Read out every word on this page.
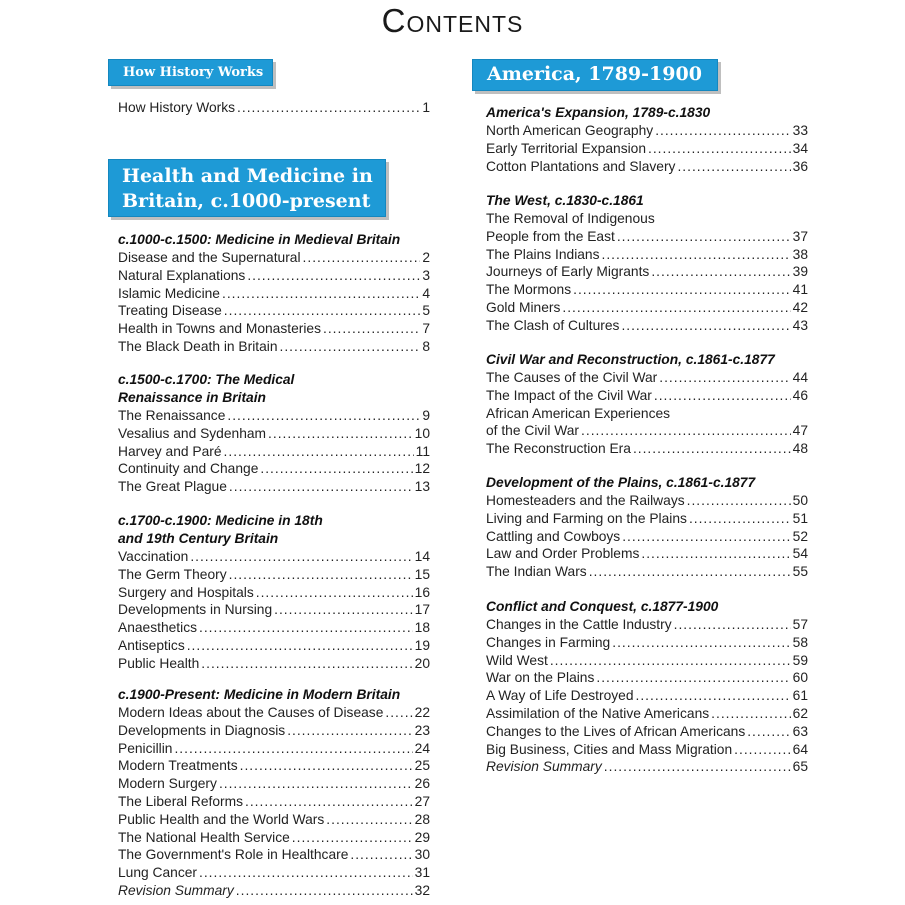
Contents
How History Works
How History Works .....	1
Health and Medicine in
Britain, c.1000-present
America, 1789-1900
c.1000-c.1500: Medicine in Medieval Britain
Disease and the Supernatural .....	2
Natural Explanations .....	3
Islamic Medicine .....	4
Treating Disease .....	5
Health in Towns and Monasteries .....	7
The Black Death in Britain .....	8
c.1500-c.1700: The Medical
Renaissance in Britain
The Renaissance .....	9
Vesalius and Sydenham .....	10
Harvey and Paré .....	11
Continuity and Change .....	12
The Great Plague .....	13
c.1700-c.1900: Medicine in 18th
and 19th Century Britain
Vaccination .....	14
The Germ Theory .....	15
Surgery and Hospitals .....	16
Developments in Nursing .....	17
Anaesthetics .....	18
Antiseptics .....	19
Public Health .....	20
c.1900-Present: Medicine in Modern Britain
Modern Ideas about the Causes of Disease ..... 22
Developments in Diagnosis .....	23
Penicillin .....	24
Modern Treatments .....	25
Modern Surgery .....	26
The Liberal Reforms .....	27
Public Health and the World Wars .....	28
The National Health Service .....	29
The Government's Role in Healthcare .....	30
Lung Cancer .....	31
Revision Summary .....	32
America's Expansion, 1789-c.1830
North American Geography .....	33
Early Territorial Expansion .....	34
Cotton Plantations and Slavery .....	36
The West, c.1830-c.1861
The Removal of Indigenous
People from the East .....	37
The Plains Indians .....	38
Journeys of Early Migrants .....	39
The Mormons .....	41
Gold Miners .....	42
The Clash of Cultures .....	43
Civil War and Reconstruction, c.1861-c.1877
The Causes of the Civil War .....	44
The Impact of the Civil War .....	46
African American Experiences
of the Civil War .....	47
The Reconstruction Era .....	48
Development of the Plains, c.1861-c.1877
Homesteaders and the Railways .....	50
Living and Farming on the Plains .....	51
Cattling and Cowboys .....	52
Law and Order Problems .....	54
The Indian Wars .....	55
Conflict and Conquest, c.1877-1900
Changes in the Cattle Industry .....	57
Changes in Farming .....	58
Wild West .....	59
War on the Plains .....	60
A Way of Life Destroyed .....	61
Assimilation of the Native Americans .....	62
Changes to the Lives of African Americans .....	63
Big Business, Cities and Mass Migration .....	64
Revision Summary .....	65
